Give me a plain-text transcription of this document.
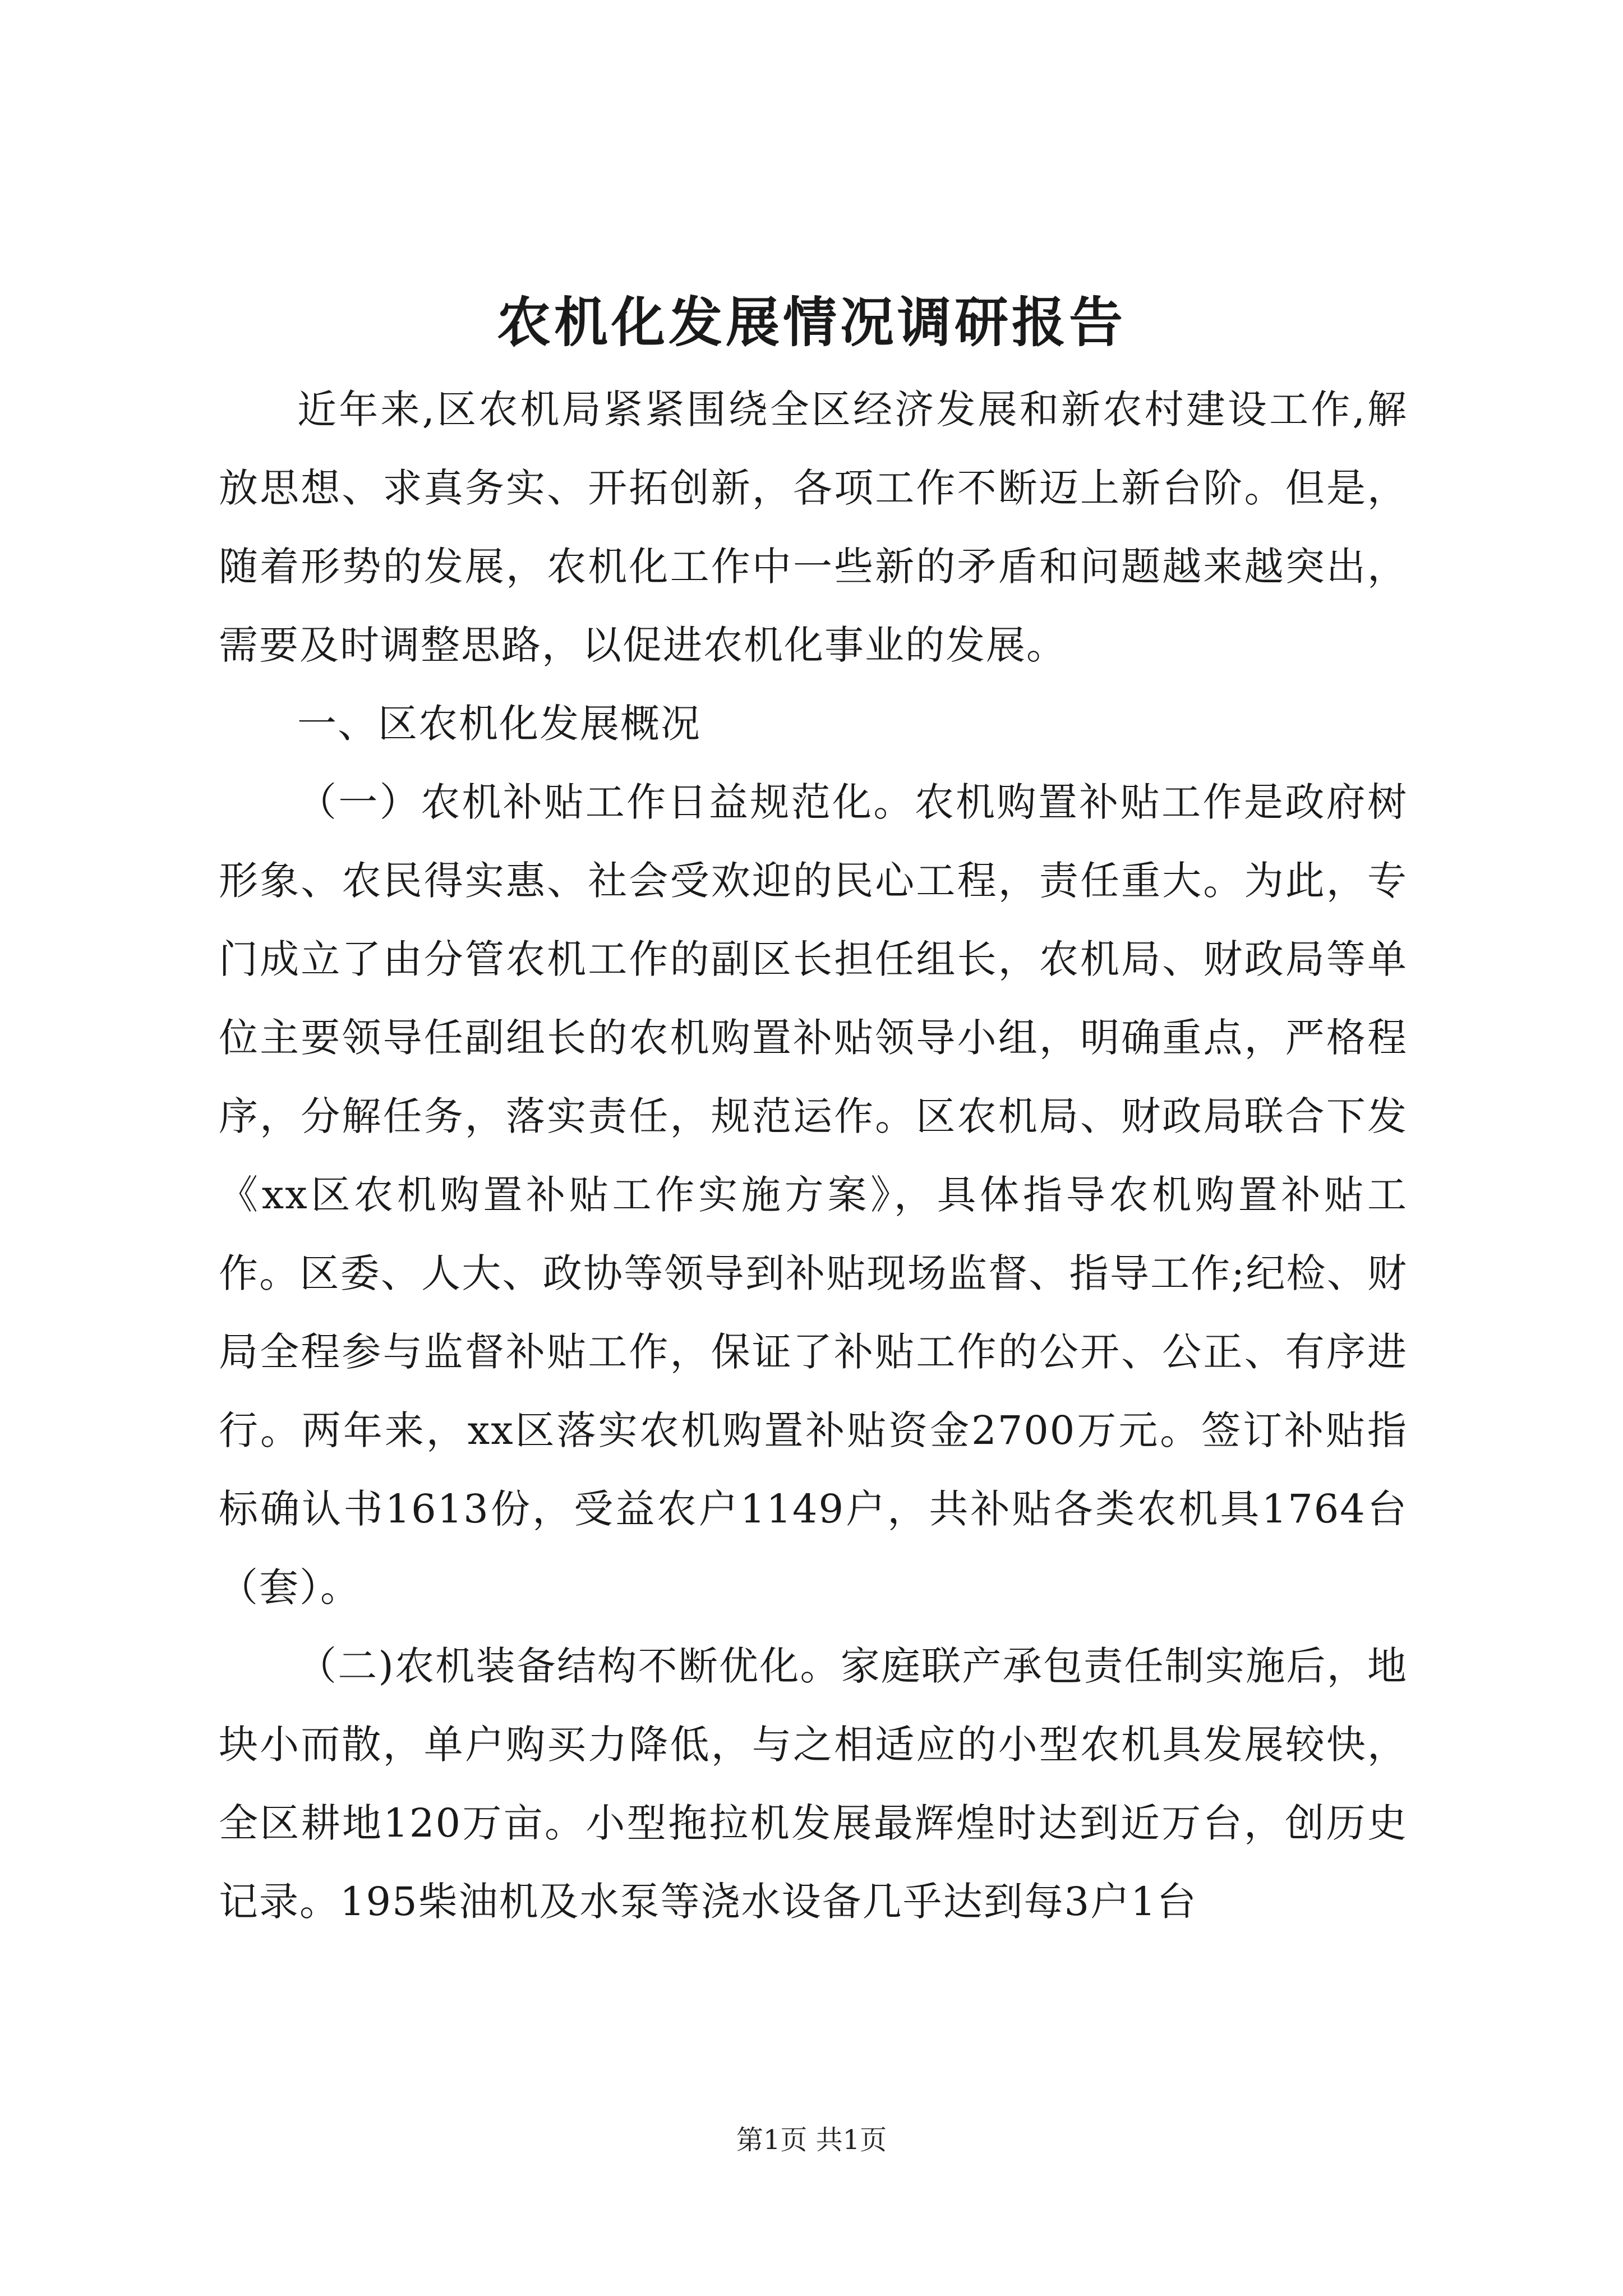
农机化发展情况调研报告

近年来,区农机局紧紧围绕全区经济发展和新农村建设工作,解放思想、求真务实、开拓创新，各项工作不断迈上新台阶。但是，随着形势的发展，农机化工作中一些新的矛盾和问题越来越突出，需要及时调整思路，以促进农机化事业的发展。

一、区农机化发展概况

（一）农机补贴工作日益规范化。农机购置补贴工作是政府树形象、农民得实惠、社会受欢迎的民心工程，责任重大。为此，专门成立了由分管农机工作的副区长担任组长，农机局、财政局等单位主要领导任副组长的农机购置补贴领导小组，明确重点，严格程序，分解任务，落实责任，规范运作。区农机局、财政局联合下发《xx区农机购置补贴工作实施方案》，具体指导农机购置补贴工作。区委、人大、政协等领导到补贴现场监督、指导工作;纪检、财局全程参与监督补贴工作，保证了补贴工作的公开、公正、有序进行。两年来，xx区落实农机购置补贴资金2700万元。签订补贴指标确认书1613份，受益农户1149户，共补贴各类农机具1764台（套）。

（二)农机装备结构不断优化。家庭联产承包责任制实施后，地块小而散，单户购买力降低，与之相适应的小型农机具发展较快，全区耕地120万亩。小型拖拉机发展最辉煌时达到近万台，创历史记录。195柴油机及水泵等浇水设备几乎达到每3户1台

第1页 共1页
